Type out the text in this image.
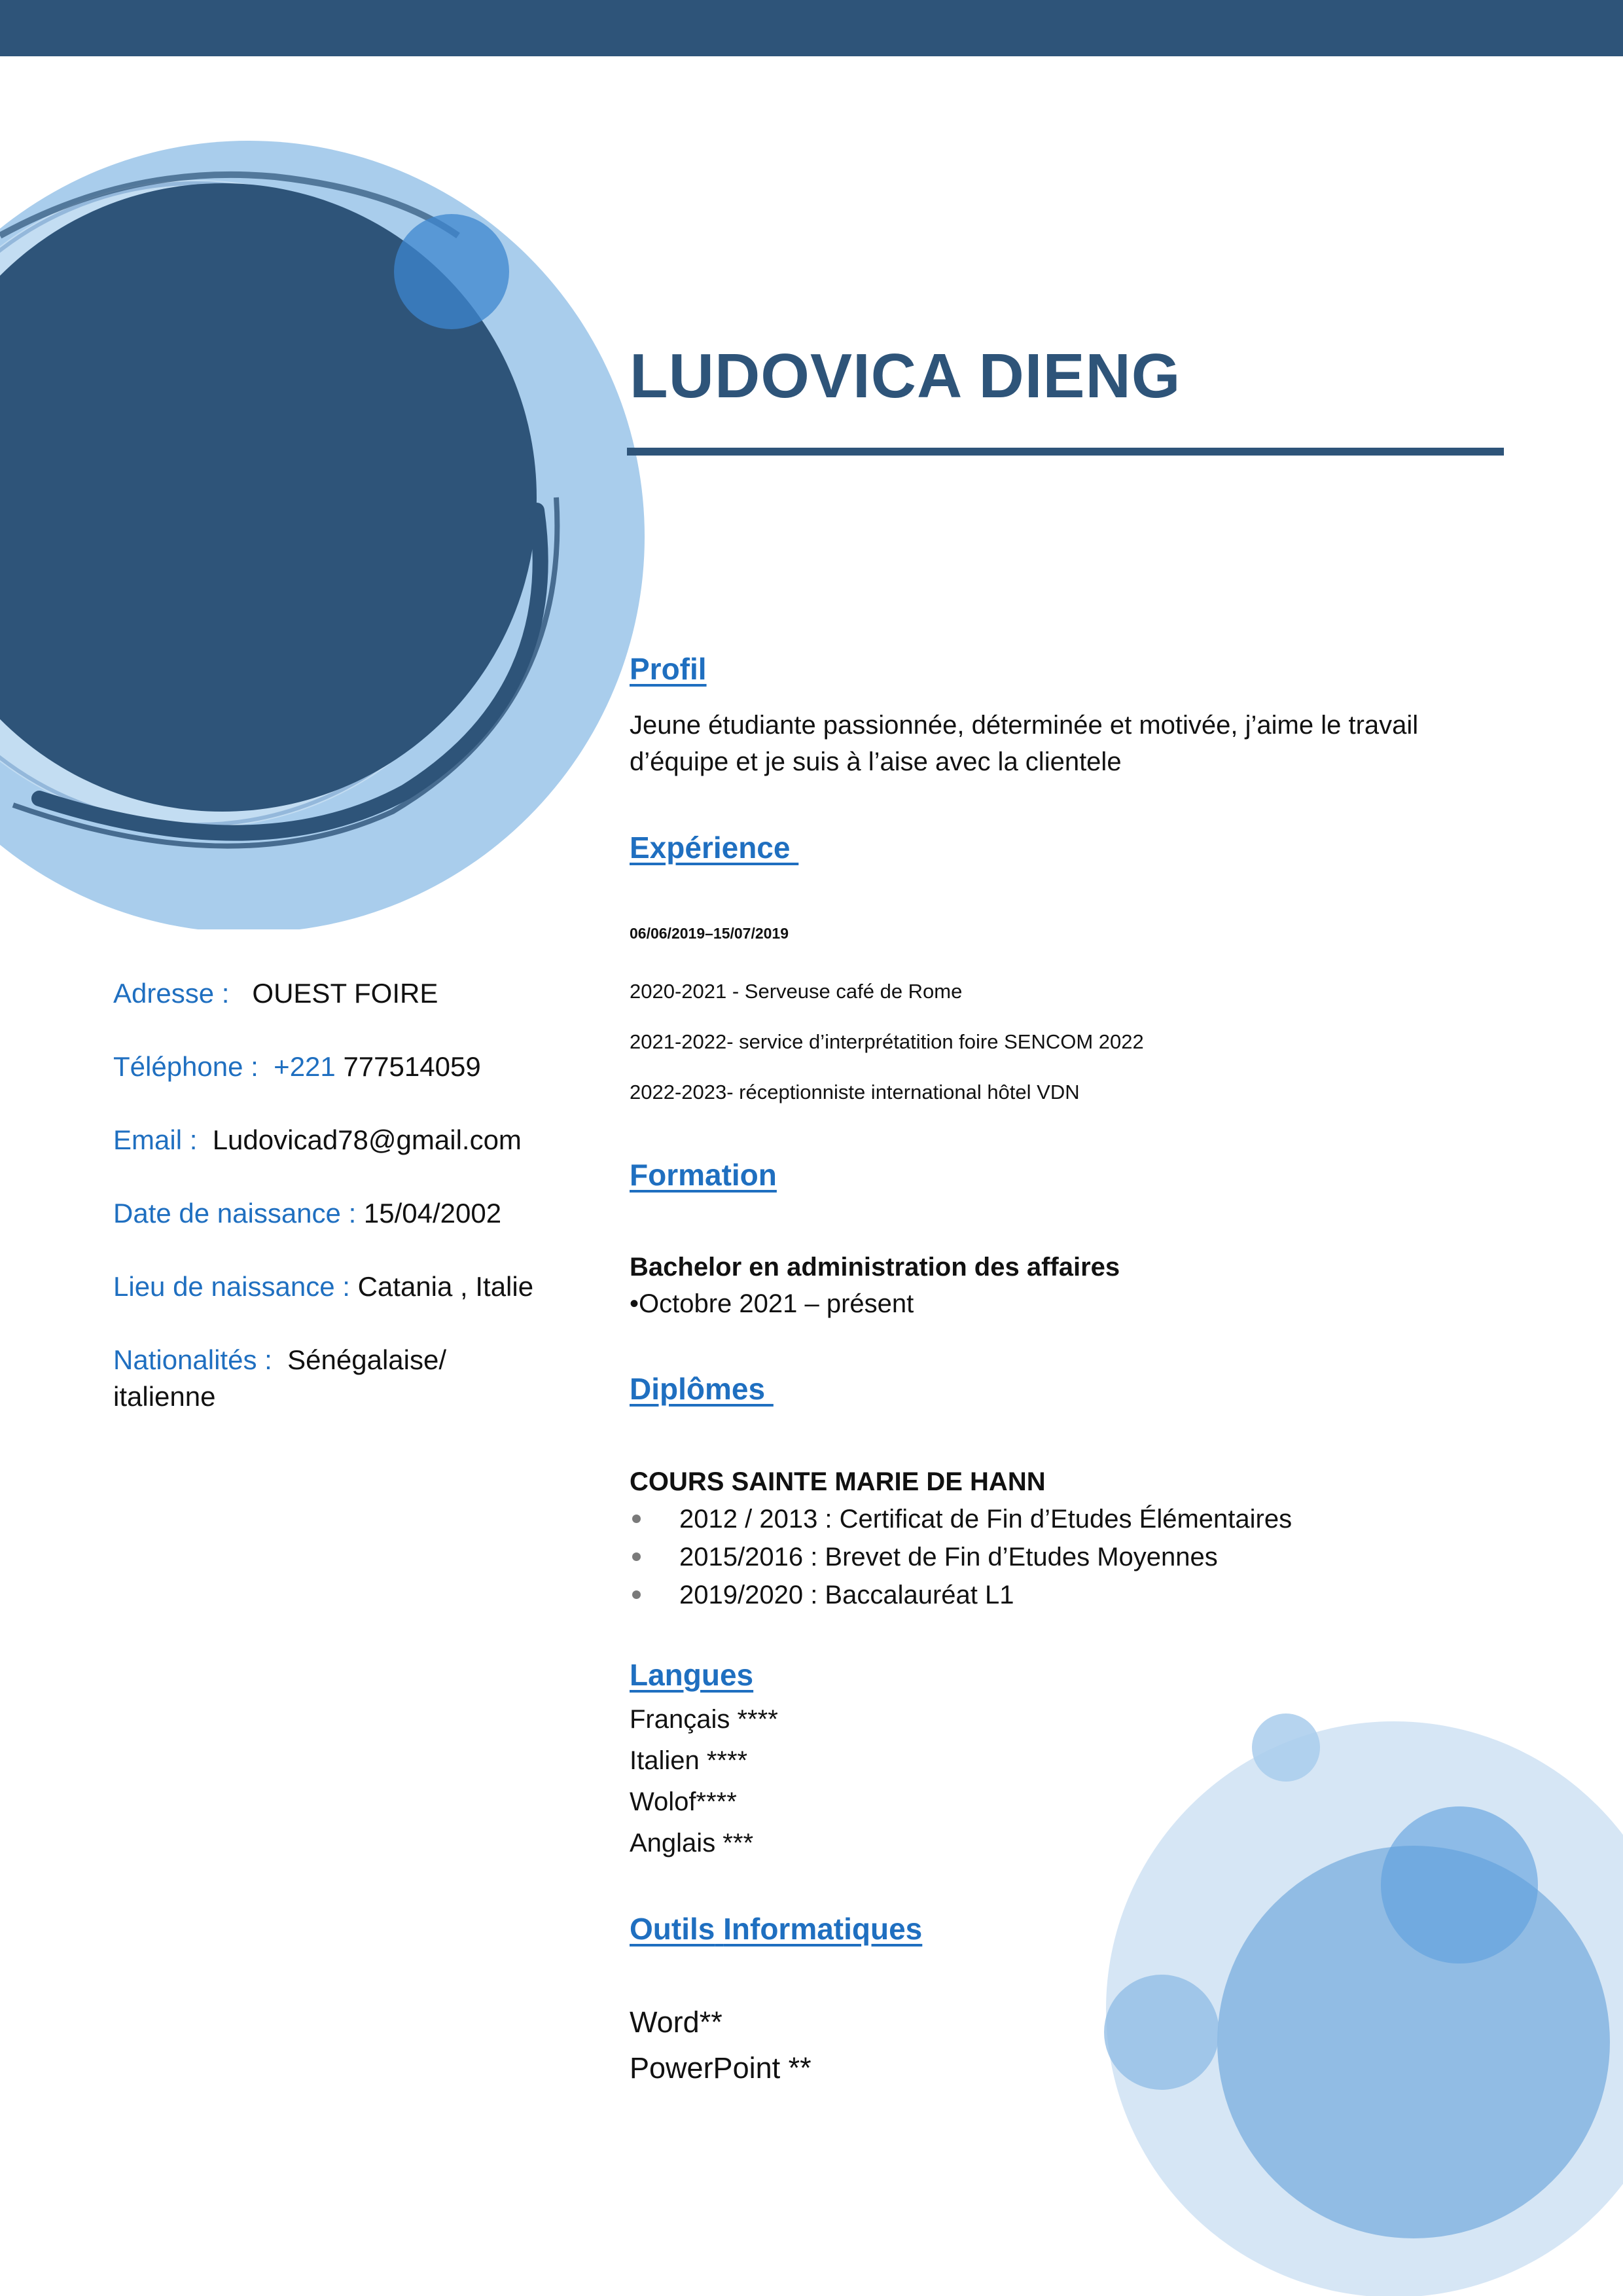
LUDOVICA DIENG
Adresse :   OUEST FOIRE
Téléphone :  +221 777514059
Email :  Ludovicad78@gmail.com
Date de naissance : 15/04/2002
Lieu de naissance : Catania , Italie
Nationalités :  Sénégalaise/ italienne
Profil
Jeune étudiante passionnée, déterminée et motivée, j’aime le travail d’équipe et je suis à l’aise avec la clientele
Expérience
06/06/2019–15/07/2019
2020-2021 - Serveuse café de Rome
2021-2022- service d’interprétatition foire SENCOM 2022
2022-2023- réceptionniste international hôtel VDN
Formation
Bachelor en administration des affaires
•Octobre 2021 – présent
Diplômes
COURS SAINTE MARIE DE HANN
2012 / 2013 : Certificat de Fin d’Etudes Élémentaires
2015/2016 : Brevet de Fin d’Etudes Moyennes
2019/2020 : Baccalauréat L1
Langues
Français ****
Italien ****
Wolof****
Anglais ***
Outils Informatiques
Word**
PowerPoint **
